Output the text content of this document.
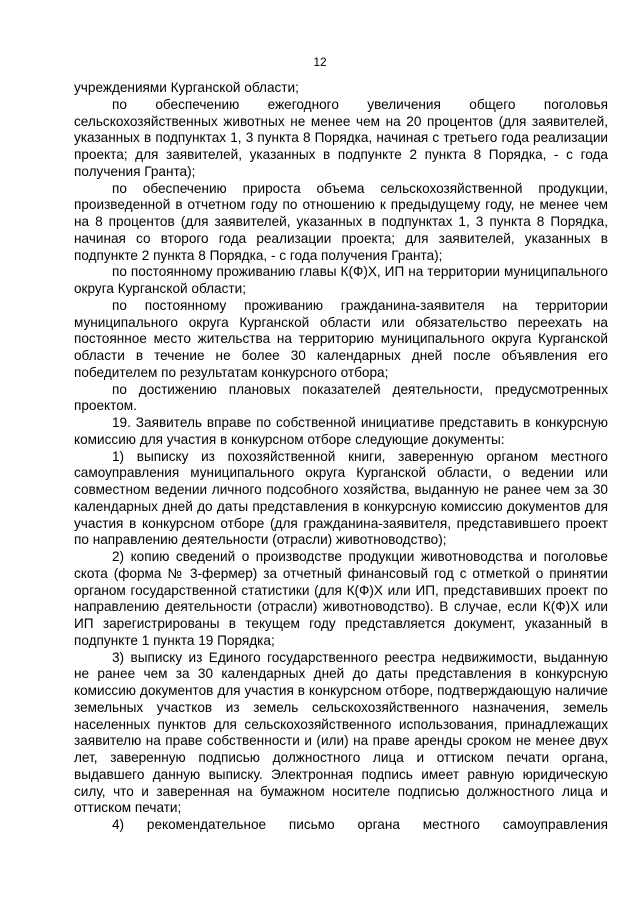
12

учреждениями Курганской области;

по обеспечению ежегодного увеличения общего поголовья сельскохозяйственных животных не менее чем на 20 процентов (для заявителей, указанных в подпунктах 1, 3 пункта 8 Порядка, начиная с третьего года реализации проекта; для заявителей, указанных в подпункте 2 пункта 8 Порядка, - с года получения Гранта);

по обеспечению прироста объема сельскохозяйственной продукции, произведенной в отчетном году по отношению к предыдущему году, не менее чем на 8 процентов (для заявителей, указанных в подпунктах 1, 3 пункта 8 Порядка, начиная со второго года реализации проекта; для заявителей, указанных в подпункте 2 пункта 8 Порядка, - с года получения Гранта);

по постоянному проживанию главы К(Ф)Х, ИП на территории муниципального округа Курганской области;

по постоянному проживанию гражданина-заявителя на территории муниципального округа Курганской области или обязательство переехать на постоянное место жительства на территорию муниципального округа Курганской области в течение не более 30 календарных дней после объявления его победителем по результатам конкурсного отбора;

по достижению плановых показателей деятельности, предусмотренных проектом.

19. Заявитель вправе по собственной инициативе представить в конкурсную комиссию для участия в конкурсном отборе следующие документы:

1) выписку из похозяйственной книги, заверенную органом местного самоуправления муниципального округа Курганской области, о ведении или совместном ведении личного подсобного хозяйства, выданную не ранее чем за 30 календарных дней до даты представления в конкурсную комиссию документов для участия в конкурсном отборе (для гражданина-заявителя, представившего проект по направлению деятельности (отрасли) животноводство);

2) копию сведений о производстве продукции животноводства и поголовье скота (форма № 3-фермер) за отчетный финансовый год с отметкой о принятии органом государственной статистики (для К(Ф)Х или ИП, представивших проект по направлению деятельности (отрасли) животноводство). В случае, если К(Ф)Х или ИП зарегистрированы в текущем году представляется документ, указанный в подпункте 1 пункта 19 Порядка;

3) выписку из Единого государственного реестра недвижимости, выданную не ранее чем за 30 календарных дней до даты представления в конкурсную комиссию документов для участия в конкурсном отборе, подтверждающую наличие земельных участков из земель сельскохозяйственного назначения, земель населенных пунктов для сельскохозяйственного использования, принадлежащих заявителю на праве собственности и (или) на праве аренды сроком не менее двух лет, заверенную подписью должностного лица и оттиском печати органа, выдавшего данную выписку. Электронная подпись имеет равную юридическую силу, что и заверенная на бумажном носителе подписью должностного лица и оттиском печати;

4) рекомендательное письмо органа местного самоуправления
